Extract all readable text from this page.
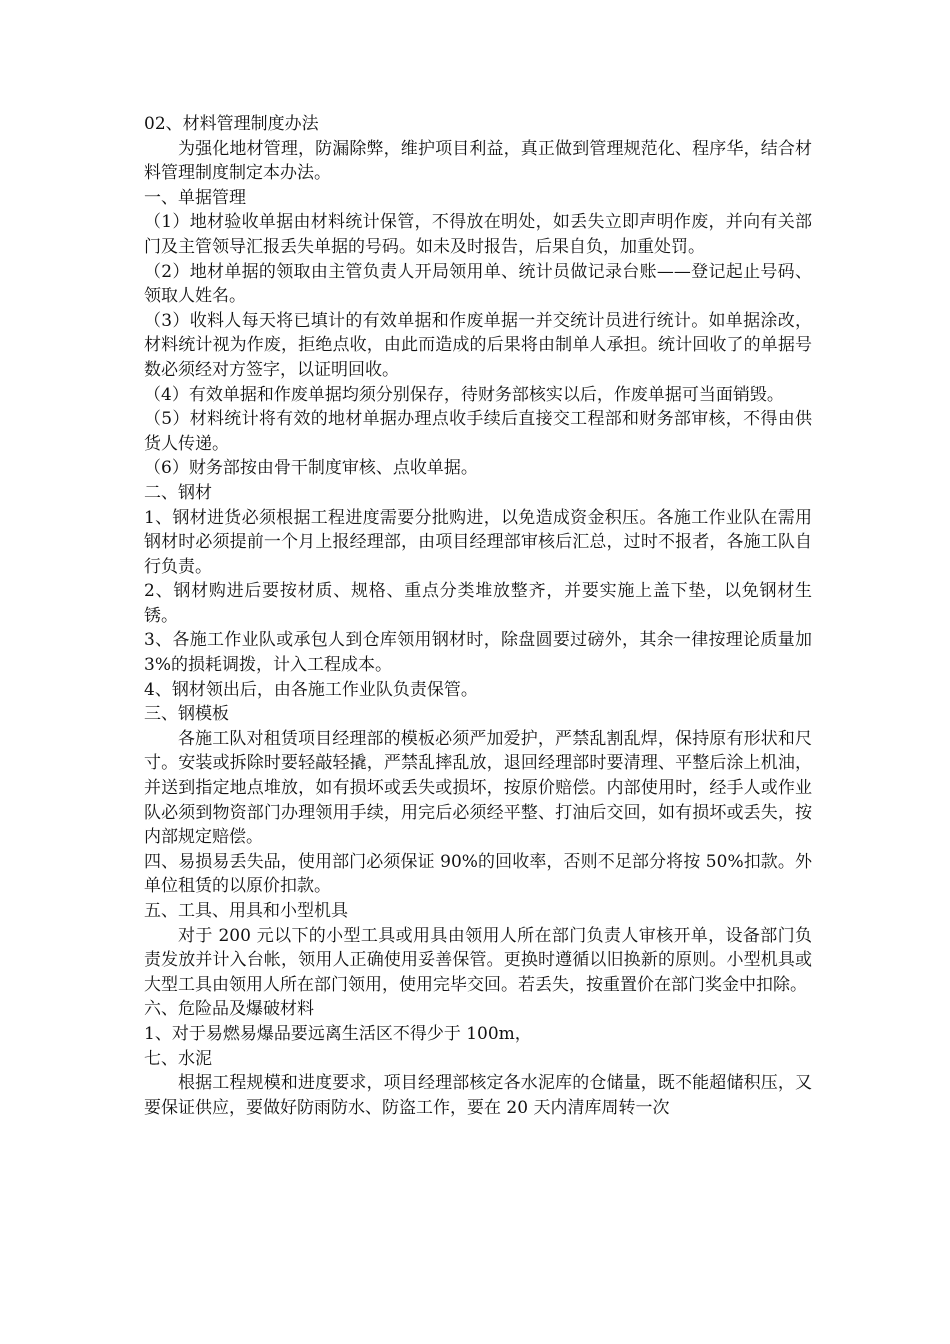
02、材料管理制度办法

为强化地材管理，防漏除弊，维护项目利益，真正做到管理规范化、程序华，结合材料管理制度制定本办法。

一、单据管理

（1）地材验收单据由材料统计保管，不得放在明处，如丢失立即声明作废，并向有关部门及主管领导汇报丢失单据的号码。如未及时报告，后果自负，加重处罚。

（2）地材单据的领取由主管负责人开局领用单、统计员做记录台账——登记起止号码、领取人姓名。

（3）收料人每天将已填计的有效单据和作废单据一并交统计员进行统计。如单据涂改，材料统计视为作废，拒绝点收，由此而造成的后果将由制单人承担。统计回收了的单据号数必须经对方签字，以证明回收。

（4）有效单据和作废单据均须分别保存，待财务部核实以后，作废单据可当面销毁。

（5）材料统计将有效的地材单据办理点收手续后直接交工程部和财务部审核，不得由供货人传递。

（6）财务部按由骨干制度审核、点收单据。

二、钢材

1、钢材进货必须根据工程进度需要分批购进，以免造成资金积压。各施工作业队在需用钢材时必须提前一个月上报经理部，由项目经理部审核后汇总，过时不报者，各施工队自行负责。

2、钢材购进后要按材质、规格、重点分类堆放整齐，并要实施上盖下垫，以免钢材生锈。

3、各施工作业队或承包人到仓库领用钢材时，除盘圆要过磅外，其余一律按理论质量加 3%的损耗调拨，计入工程成本。

4、钢材领出后，由各施工作业队负责保管。

三、钢模板

各施工队对租赁项目经理部的模板必须严加爱护，严禁乱割乱焊，保持原有形状和尺寸。安装或拆除时要轻敲轻撬，严禁乱摔乱放，退回经理部时要清理、平整后涂上机油，并送到指定地点堆放，如有损坏或丢失或损坏，按原价赔偿。内部使用时，经手人或作业队必须到物资部门办理领用手续，用完后必须经平整、打油后交回，如有损坏或丢失，按内部规定赔偿。

四、易损易丢失品，使用部门必须保证 90%的回收率，否则不足部分将按 50%扣款。外单位租赁的以原价扣款。

五、工具、用具和小型机具

对于 200 元以下的小型工具或用具由领用人所在部门负责人审核开单，设备部门负责发放并计入台帐，领用人正确使用妥善保管。更换时遵循以旧换新的原则。小型机具或大型工具由领用人所在部门领用，使用完毕交回。若丢失，按重置价在部门奖金中扣除。

六、危险品及爆破材料

1、对于易燃易爆品要远离生活区不得少于 100m，

七、水泥

根据工程规模和进度要求，项目经理部核定各水泥库的仓储量，既不能超储积压，又要保证供应，要做好防雨防水、防盗工作，要在 20 天内清库周转一次
